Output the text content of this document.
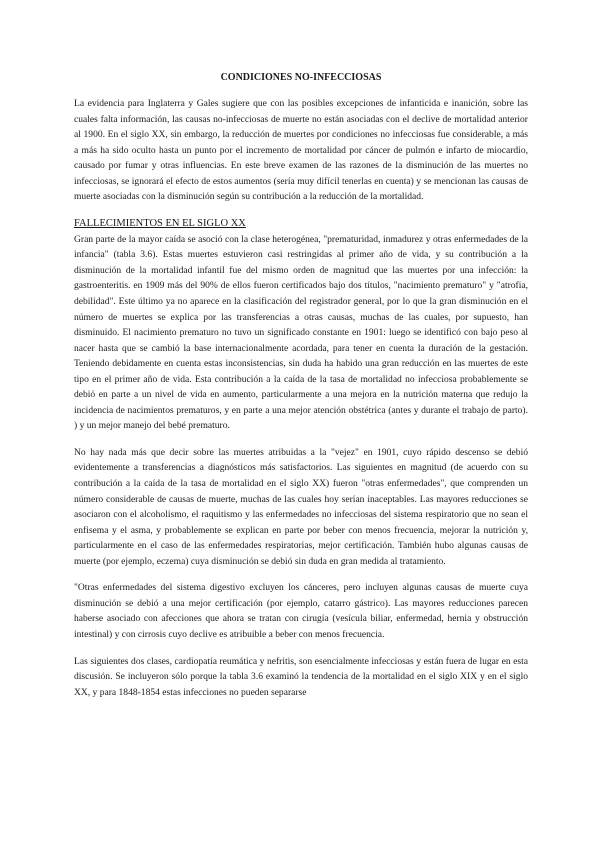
CONDICIONES NO-INFECCIOSAS

La evidencia para Inglaterra y Gales sugiere que con las posibles excepciones de infanticida e inanición, sobre las cuales falta información, las causas no-infecciosas de muerte no están asociadas con el declive de mortalidad anterior al 1900. En el siglo XX, sin embargo, la reducción de muertes por condiciones no infecciosas fue considerable, a más a más ha sido oculto hasta un punto por el incremento de mortalidad por cáncer de pulmón e infarto de miocardio, causado por fumar y otras influencias. En este breve examen de las razones de la disminución de las muertes no infecciosas, se ignorará el efecto de estos aumentos (sería muy difícil tenerlas en cuenta) y se mencionan las causas de muerte asociadas con la disminución según su contribución a la reducción de la mortalidad.

FALLECIMIENTOS EN EL SIGLO XX

Gran parte de la mayor caída se asoció con la clase heterogénea, "prematuridad, inmadurez y otras enfermedades de la infancia" (tabla 3.6). Estas muertes estuvieron casi restringidas al primer año de vida, y su contribución a la disminución de la mortalidad infantil fue del mismo orden de magnitud que las muertes por una infección: la gastroenteritis. en 1909 más del 90% de ellos fueron certificados bajo dos títulos, "nacimiento prematuro" y "atrofia, debilidad". Este último ya no aparece en la clasificación del registrador general, por lo que la gran disminución en el número de muertes se explica por las transferencias a otras causas, muchas de las cuales, por supuesto, han disminuido. El nacimiento prematuro no tuvo un significado constante en 1901: luego se identificó con bajo peso al nacer hasta que se cambió la base internacionalmente acordada, para tener en cuenta la duración de la gestación. Teniendo debidamente en cuenta estas inconsistencias, sin duda ha habido una gran reducción en las muertes de este tipo en el primer año de vida. Esta contribución a la caída de la tasa de mortalidad no infecciosa probablemente se debió en parte a un nivel de vida en aumento, particularmente a una mejora en la nutrición materna que redujo la incidencia de nacimientos prematuros, y en parte a una mejor atención obstétrica (antes y durante el trabajo de parto). ) y un mejor manejo del bebé prematuro.

No hay nada más que decir sobre las muertes atribuidas a la "vejez" en 1901, cuyo rápido descenso se debió evidentemente a transferencias a diagnósticos más satisfactorios. Las siguientes en magnitud (de acuerdo con su contribución a la caída de la tasa de mortalidad en el siglo XX) fueron "otras enfermedades", que comprenden un número considerable de causas de muerte, muchas de las cuales hoy serían inaceptables. Las mayores reducciones se asociaron con el alcoholismo, el raquitismo y las enfermedades no infecciosas del sistema respiratorio que no sean el enfisema y el asma, y probablemente se explican en parte por beber con menos frecuencia, mejorar la nutrición y, particularmente en el caso de las enfermedades respiratorias, mejor certificación. También hubo algunas causas de muerte (por ejemplo, eczema) cuya disminución se debió sin duda en gran medida al tratamiento.

"Otras enfermedades del sistema digestivo excluyen los cánceres, pero incluyen algunas causas de muerte cuya disminución se debió a una mejor certificación (por ejemplo, catarro gástrico). Las mayores reducciones parecen haberse asociado con afecciones que ahora se tratan con cirugía (vesícula biliar, enfermedad, hernia y obstrucción intestinal) y con cirrosis cuyo declive es atribuible a beber con menos frecuencia.

Las siguientes dos clases, cardiopatía reumática y nefritis, son esencialmente infecciosas y están fuera de lugar en esta discusión. Se incluyeron sólo porque la tabla 3.6 examinó la tendencia de la mortalidad en el siglo XIX y en el siglo XX, y para 1848-1854 estas infecciones no pueden separarse
